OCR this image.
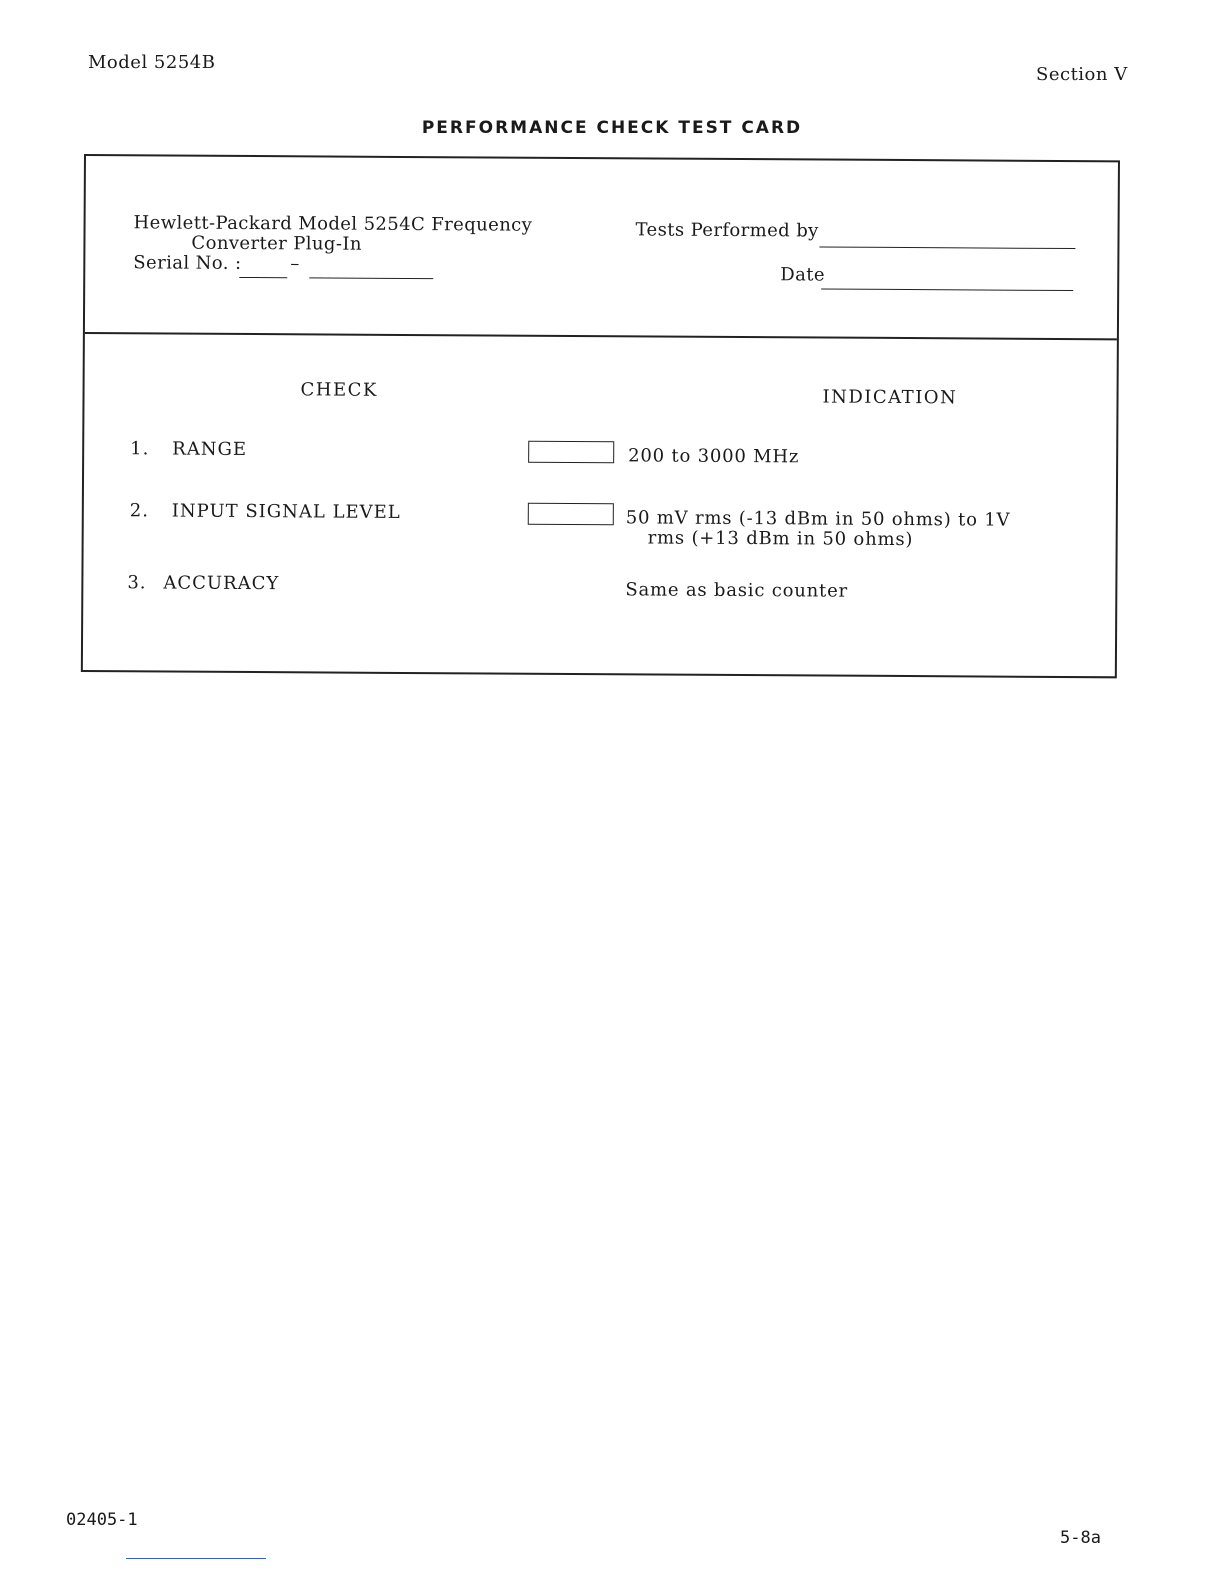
Model 5254B
Section V
PERFORMANCE CHECK TEST CARD
Hewlett-Packard Model 5254C Frequency
Converter Plug-In
Serial No. :	–
Tests Performed by
Date
CHECK	INDICATION
1. RANGE	200 to 3000 MHz
2. INPUT SIGNAL LEVEL	50 mV rms (-13 dBm in 50 ohms) to 1V
rms (+13 dBm in 50 ohms)
3. ACCURACY	Same as basic counter
02405-1
5-8a
